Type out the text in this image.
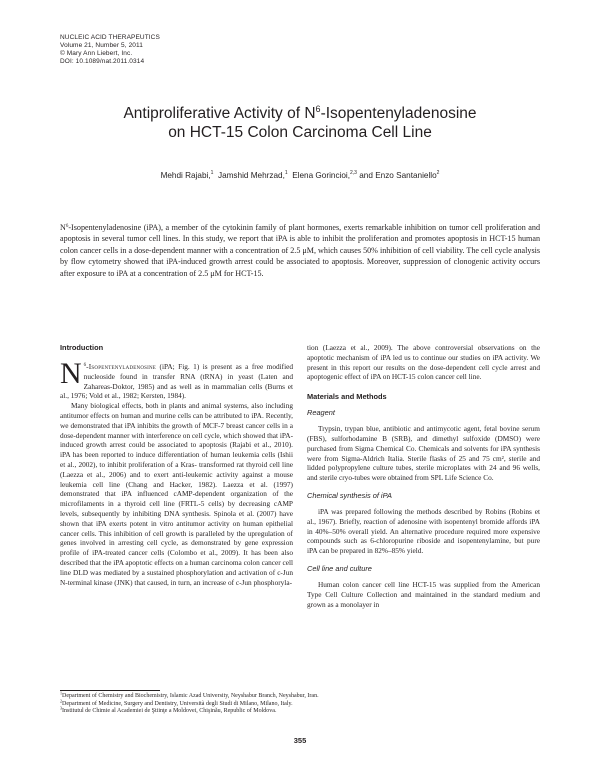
NUCLEIC ACID THERAPEUTICS
Volume 21, Number 5, 2011
© Mary Ann Liebert, Inc.
DOI: 10.1089/nat.2011.0314
Antiproliferative Activity of $N^6$-Isopentenyladenosine
on HCT-15 Colon Carcinoma Cell Line
Mehdi Rajabi,$^1$ Jamshid Mehrzad,$^1$ Elena Gorincioi,$^{2,3}$ and Enzo Santaniello$^2$
$N^6$-Isopentenyladenosine (iPA), a member of the cytokinin family of plant hormones, exerts remarkable inhibition on tumor cell proliferation and apoptosis in several tumor cell lines. In this study, we report that iPA is able to inhibit the proliferation and promotes apoptosis in HCT-15 human colon cancer cells in a dose-dependent manner with a concentration of 2.5 μM, which causes 50% inhibition of cell viability. The cell cycle analysis by flow cytometry showed that iPA-induced growth arrest could be associated to apoptosis. Moreover, suppression of clonogenic activity occurs after exposure to iPA at a concentration of 2.5 μM for HCT-15.
Introduction

N $^6$-Isopentenyladenosine (iPA; Fig. 1) is present as a free modified nucleoside found in transfer RNA (tRNA) in yeast (Laten and Zahareas-Doktor, 1985) and as well as in mammalian cells (Burns et al., 1976; Vold et al., 1982; Kersten, 1984).

Many biological effects, both in plants and animal systems, also including antitumor effects on human and murine cells can be attributed to iPA. Recently, we demonstrated that iPA inhibits the growth of MCF-7 breast cancer cells in a dose-dependent manner with interference on cell cycle, which showed that iPA-induced growth arrest could be associated to apoptosis (Rajabi et al., 2010). iPA has been reported to induce differentiation of human leukemia cells (Ishii et al., 2002), to inhibit proliferation of a Kras- transformed rat thyroid cell line (Laezza et al., 2006) and to exert anti-leukemic activity against a mouse leukemia cell line (Chang and Hacker, 1982). Laezza et al. (1997) demonstrated that iPA influenced cAMP-dependent organization of the microfilaments in a thyroid cell line (FRTL-5 cells) by decreasing cAMP levels, subsequently by inhibiting DNA synthesis. Spinola et al. (2007) have shown that iPA exerts potent in vitro antitumor activity on human epithelial cancer cells. This inhibition of cell growth is paralleled by the upregulation of genes involved in arresting cell cycle, as demonstrated by gene expression profile of iPA-treated cancer cells (Colombo et al., 2009). It has been also described that the iPA apoptotic effects on a human carcinoma colon cancer cell line DLD was mediated by a sustained phosphorylation and activation of c-Jun N-terminal kinase (JNK) that caused, in turn, an increase of c-Jun phosphoryla-

tion (Laezza et al., 2009). The above controversial observations on the apoptotic mechanism of iPA led us to continue our studies on iPA activity. We present in this report our results on the dose-dependent cell cycle arrest and apoptogenic effect of iPA on HCT-15 colon cancer cell line.

Materials and Methods
Reagent

Trypsin, trypan blue, antibiotic and antimycotic agent, fetal bovine serum (FBS), sulforhodamine B (SRB), and dimethyl sulfoxide (DMSO) were purchased from Sigma Chemical Co. Chemicals and solvents for iPA synthesis were from Sigma-Aldrich Italia. Sterile flasks of 25 and 75 cm², sterile and lidded polypropylene culture tubes, sterile microplates with 24 and 96 wells, and sterile cryo-tubes were obtained from SPL Life Science Co.

Chemical synthesis of iPA

iPA was prepared following the methods described by Robins (Robins et al., 1967). Briefly, reaction of adenosine with isopentenyl bromide affords iPA in 40%–50% overall yield. An alternative procedure required more expensive compounds such as 6-chloropurine riboside and isopentenylamine, but pure iPA can be prepared in 82%–85% yield.

Cell line and culture

Human colon cancer cell line HCT-15 was supplied from the American Type Cell Culture Collection and maintained in the standard medium and grown as a monolayer in

$^1$Department of Chemistry and Biochemistry, Islamic Azad University, Neyshabur Branch, Neyshabur, Iran.
$^2$Department of Medicine, Surgery and Dentistry, Università degli Studi di Milano, Milano, Italy.
$^3$Institutul de Chimie al Academiei de Ştiinţe a Moldovei, Chişinău, Republic of Moldova.
355
